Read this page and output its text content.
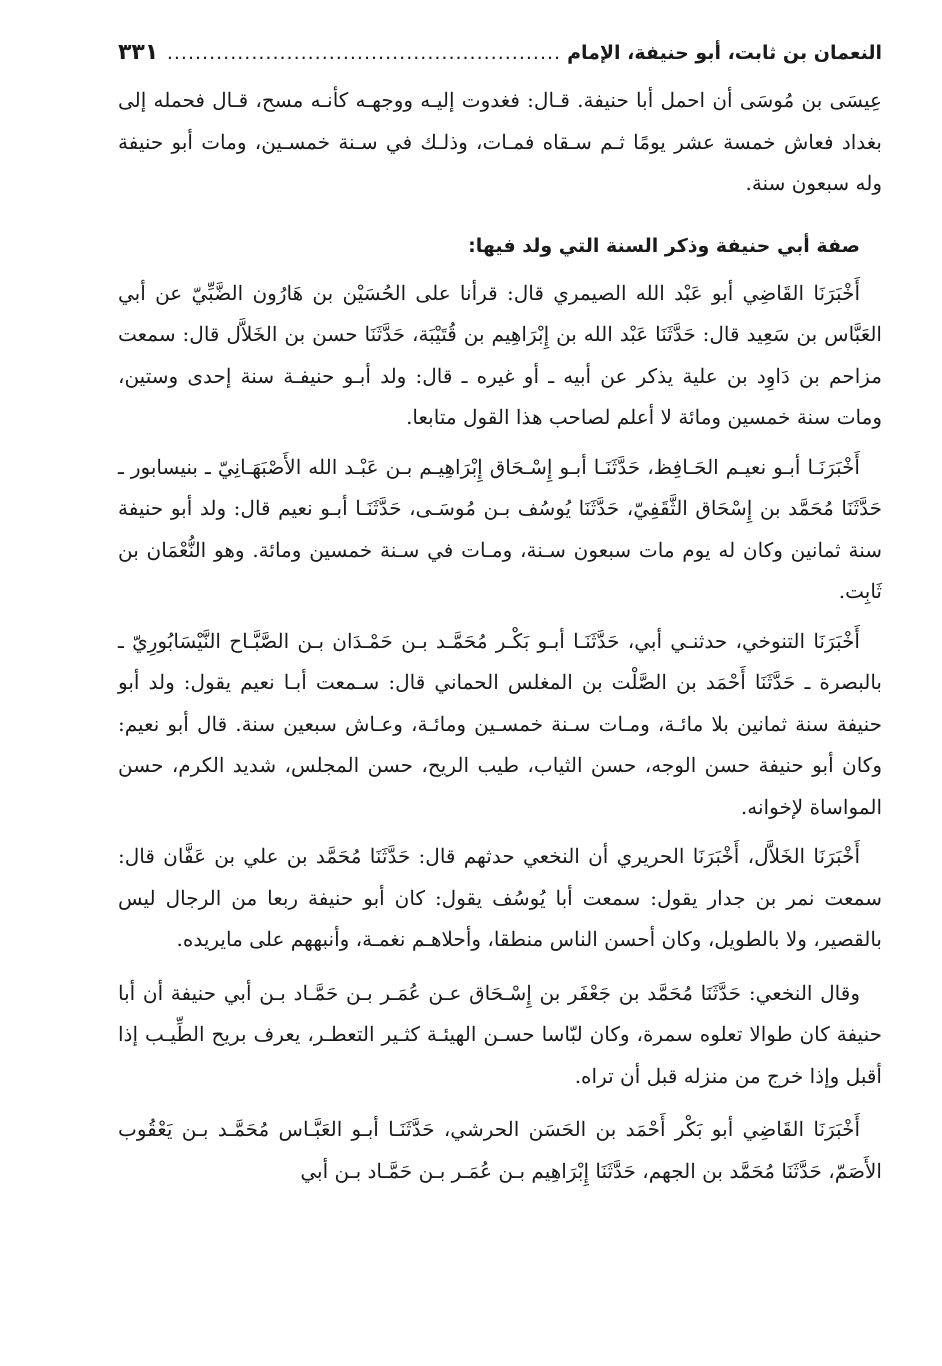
النعمان بن ثابت، أبو حنيفة، الإمام
.....
٣٣١

عِيسَى بن مُوسَى أن احمل أبا حنيفة. قـال: فغدوت إليـه ووجهـه كأنـه مسح، قـال فحمله إلى بغداد فعاش خمسة عشر يومًا ثـم سـقاه فمـات، وذلـك في سـنة خمسـين، ومات أبو حنيفة وله سبعون سنة.

صفة أبي حنيفة وذكر السنة التي ولد فيها:

أَخْبَرَنَا القَاضِي أبو عَبْد الله الصيمري قال: قرأنا على الحُسَيْن بن هَارُون الضَّبِّيّ عن أبي العَبَّاس بن سَعِيد قال: حَدَّثَنَا عَبْد الله بن إِبْرَاهِيم بن قُتَيْبَة، حَدَّثَنَا حسن بن الخَلاَّل قال: سمعت مزاحم بن دَاوِد بن علية يذكر عن أبيه ـ أو غيره ـ قال: ولد أبـو حنيفـة سنة إحدى وستين، ومات سنة خمسين ومائة لا أعلم لصاحب هذا القول متابعا.

أَخْبَرَنَـا أبـو نعيـم الحَـافِظ، حَدَّثَنَـا أبـو إِسْـحَاق إِبْرَاهِيـم بـن عَبْـد الله الأَصْبَهَـانِيّ ـ بنيسابور ـ حَدَّثَنَا مُحَمَّد بن إِسْحَاق الثَّقَفِيّ، حَدَّثَنَا يُوسُف بـن مُوسَـى، حَدَّثَنَـا أبـو نعيم قال: ولد أبو حنيفة سنة ثمانين وكان له يوم مات سبعون سـنة، ومـات في سـنة خمسين ومائة. وهو النُّعْمَان بن ثَابِت.

أَخْبَرَنَا التنوخي، حدثنـي أبي، حَدَّثَنَـا أبـو بَكْـر مُحَمَّـد بـن حَمْـدَان بـن الصَّبَّـاح النَّيْسَابُورِيّ ـ بالبصرة ـ حَدَّثَنَا أَحْمَد بن الصَّلْت بن المغلس الحماني قال: سـمعت أبـا نعيم يقول: ولد أبو حنيفة سنة ثمانين بلا مائـة، ومـات سـنة خمسـين ومائـة، وعـاش سبعين سنة. قال أبو نعيم: وكان أبو حنيفة حسن الوجه، حسن الثياب، طيب الريح، حسن المجلس، شديد الكرم، حسن المواساة لإخوانه.

أَخْبَرَنَا الخَلاَّل، أَخْبَرَنَا الحريري أن النخعي حدثهم قال: حَدَّثَنَا مُحَمَّد بن علي بن عَفَّان قال: سمعت نمر بن جدار يقول: سمعت أبا يُوسُف يقول: كان أبو حنيفة ربعا من الرجال ليس بالقصير، ولا بالطويل، وكان أحسن الناس منطقا، وأحلاهـم نغمـة، وأنبههم على مايريده.

وقال النخعي: حَدَّثَنَا مُحَمَّد بن جَعْفَر بن إِسْـحَاق عـن عُمَـر بـن حَمَّـاد بـن أبي حنيفة أن أبا حنيفة كان طوالا تعلوه سمرة، وكان لبّاسا حسـن الهيئـة كثـير التعطـر، يعرف بريح الطِّيـب إذا أقبل وإذا خرج من منزله قبل أن تراه.

أَخْبَرَنَا القَاضِي أبو بَكْر أَحْمَد بن الحَسَن الحرشي، حَدَّثَنَـا أبـو العَبَّـاس مُحَمَّـد بـن يَعْقُوب الأَصَمّ، حَدَّثَنَا مُحَمَّد بن الجهم، حَدَّثَنَا إِبْرَاهِيم بـن عُمَـر بـن حَمَّـاد بـن أبي
